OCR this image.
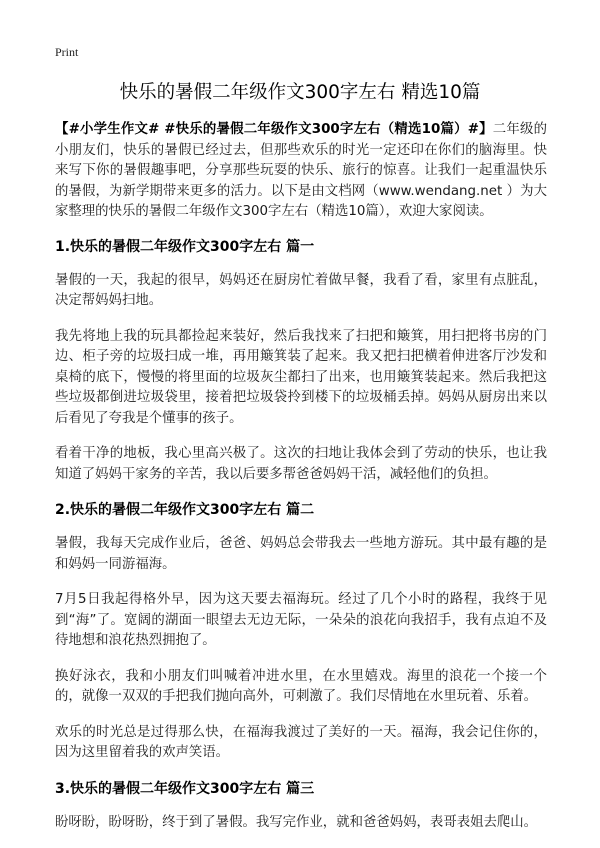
Print
快乐的暑假二年级作文300字左右 精选10篇

【#小学生作文# #快乐的暑假二年级作文300字左右（精选10篇）#】二年级的小朋友们，快乐的暑假已经过去，但那些欢乐的时光一定还印在你们的脑海里。快来写下你的暑假趣事吧，分享那些玩耍的快乐、旅行的惊喜。让我们一起重温快乐的暑假，为新学期带来更多的活力。以下是由文档网（www.wendang.net ）为大家整理的快乐的暑假二年级作文300字左右（精选10篇），欢迎大家阅读。

1.快乐的暑假二年级作文300字左右 篇一

暑假的一天，我起的很早，妈妈还在厨房忙着做早餐，我看了看，家里有点脏乱，决定帮妈妈扫地。

我先将地上我的玩具都捡起来装好，然后我找来了扫把和簸箕，用扫把将书房的门边、柜子旁的垃圾扫成一堆，再用簸箕装了起来。我又把扫把横着伸进客厅沙发和桌椅的底下，慢慢的将里面的垃圾灰尘都扫了出来，也用簸箕装起来。然后我把这些垃圾都倒进垃圾袋里，接着把垃圾袋拎到楼下的垃圾桶丢掉。妈妈从厨房出来以后看见了夸我是个懂事的孩子。

看着干净的地板，我心里高兴极了。这次的扫地让我体会到了劳动的快乐，也让我知道了妈妈干家务的辛苦，我以后要多帮爸爸妈妈干活，减轻他们的负担。

2.快乐的暑假二年级作文300字左右 篇二

暑假，我每天完成作业后，爸爸、妈妈总会带我去一些地方游玩。其中最有趣的是和妈妈一同游福海。

7月5日我起得格外早，因为这天要去福海玩。经过了几个小时的路程，我终于见到“海”了。宽阔的湖面一眼望去无边无际，一朵朵的浪花向我招手，我有点迫不及待地想和浪花热烈拥抱了。

换好泳衣，我和小朋友们叫喊着冲进水里，在水里嬉戏。海里的浪花一个接一个的，就像一双双的手把我们抛向高外，可刺激了。我们尽情地在水里玩着、乐着。

欢乐的时光总是过得那么快，在福海我渡过了美好的一天。福海，我会记住你的，因为这里留着我的欢声笑语。

3.快乐的暑假二年级作文300字左右 篇三

盼呀盼，盼呀盼，终于到了暑假。我写完作业，就和爸爸妈妈，表哥表姐去爬山。
